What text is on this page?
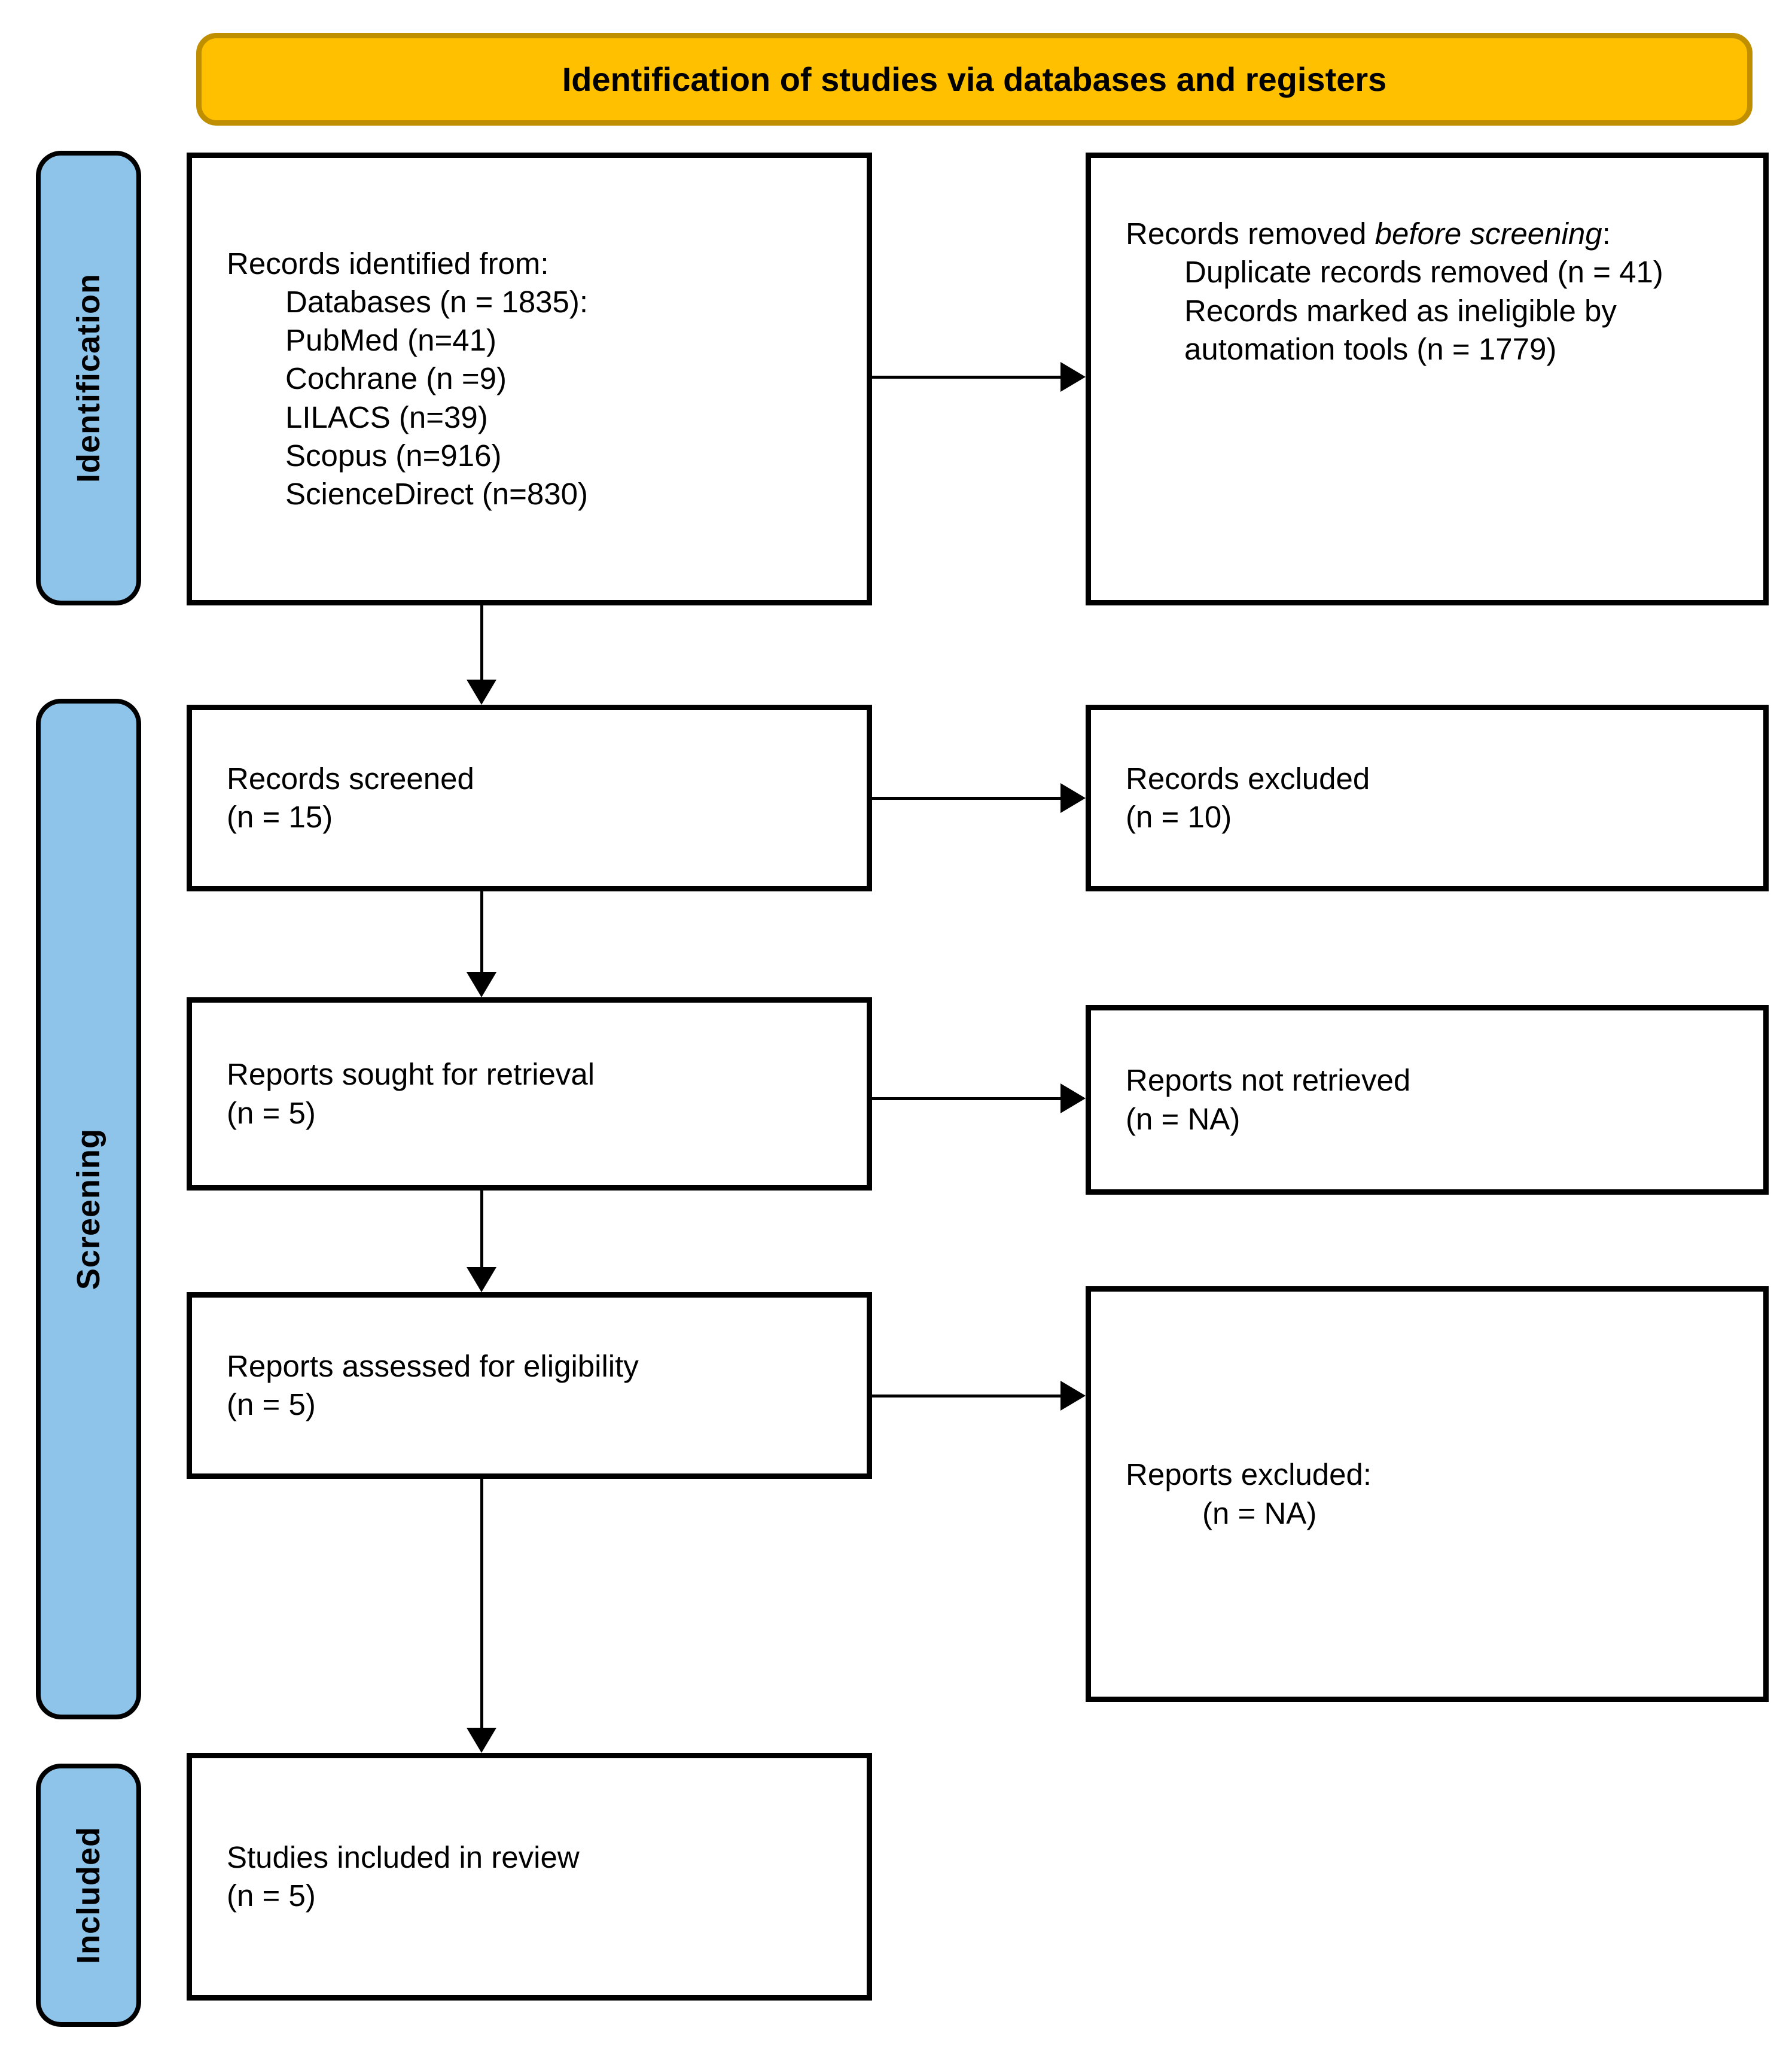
Identification of studies via databases and registers
Identification
Screening
Included
Records identified from:
Databases (n = 1835):
PubMed (n=41)
Cochrane (n =9)
LILACS (n=39)
Scopus (n=916)
ScienceDirect (n=830)
Records removed before screening:
Duplicate records removed (n = 41)
Records marked as ineligible by automation tools (n = 1779)
Records screened
(n = 15)
Records excluded
(n = 10)
Reports sought for retrieval
(n = 5)
Reports not retrieved
(n = NA)
Reports assessed for eligibility
(n = 5)
Reports excluded:
(n = NA)
Studies included in review
(n = 5)
